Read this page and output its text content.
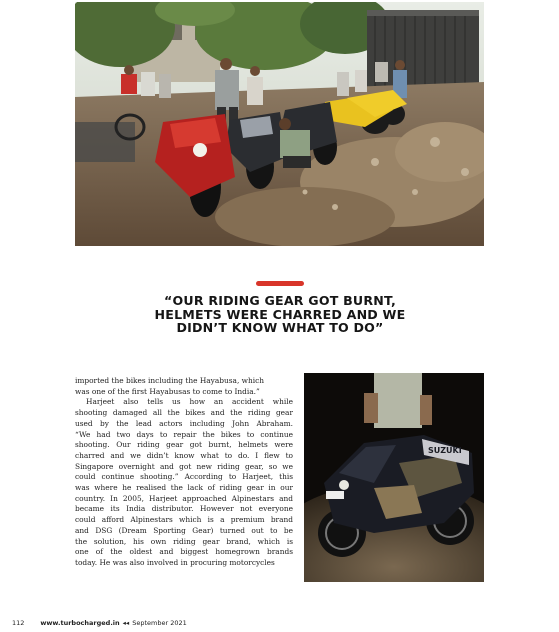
“OUR RIDING GEAR GOT BURNT,
HELMETS WERE CHARRED AND WE
DIDN’T KNOW WHAT TO DO”
imported the bikes including the Hayabusa, which
was one of the first Hayabusas to come to India.”
Harjeet also tells us how an accident while
shooting damaged all the bikes and the riding gear
used by the lead actors including John Abraham.
“We had two days to repair the bikes to continue
shooting. Our riding gear got burnt, helmets were
charred and we didn’t know what to do. I flew to
Singapore overnight and got new riding gear, so we
could continue shooting.” According to Harjeet, this
was where he realised the lack of riding gear in our
country. In 2005, Harjeet approached Alpinestars and
became its India distributor. However not everyone
could afford Alpinestars which is a premium brand
and DSG (Dream Sporting Gear) turned out to be
the solution, his own riding gear brand, which is
one of the oldest and biggest homegrown brands
today. He was also involved in procuring motorcycles
SUZUKI
112 www.turbocharged.in ◂◂ September 2021
